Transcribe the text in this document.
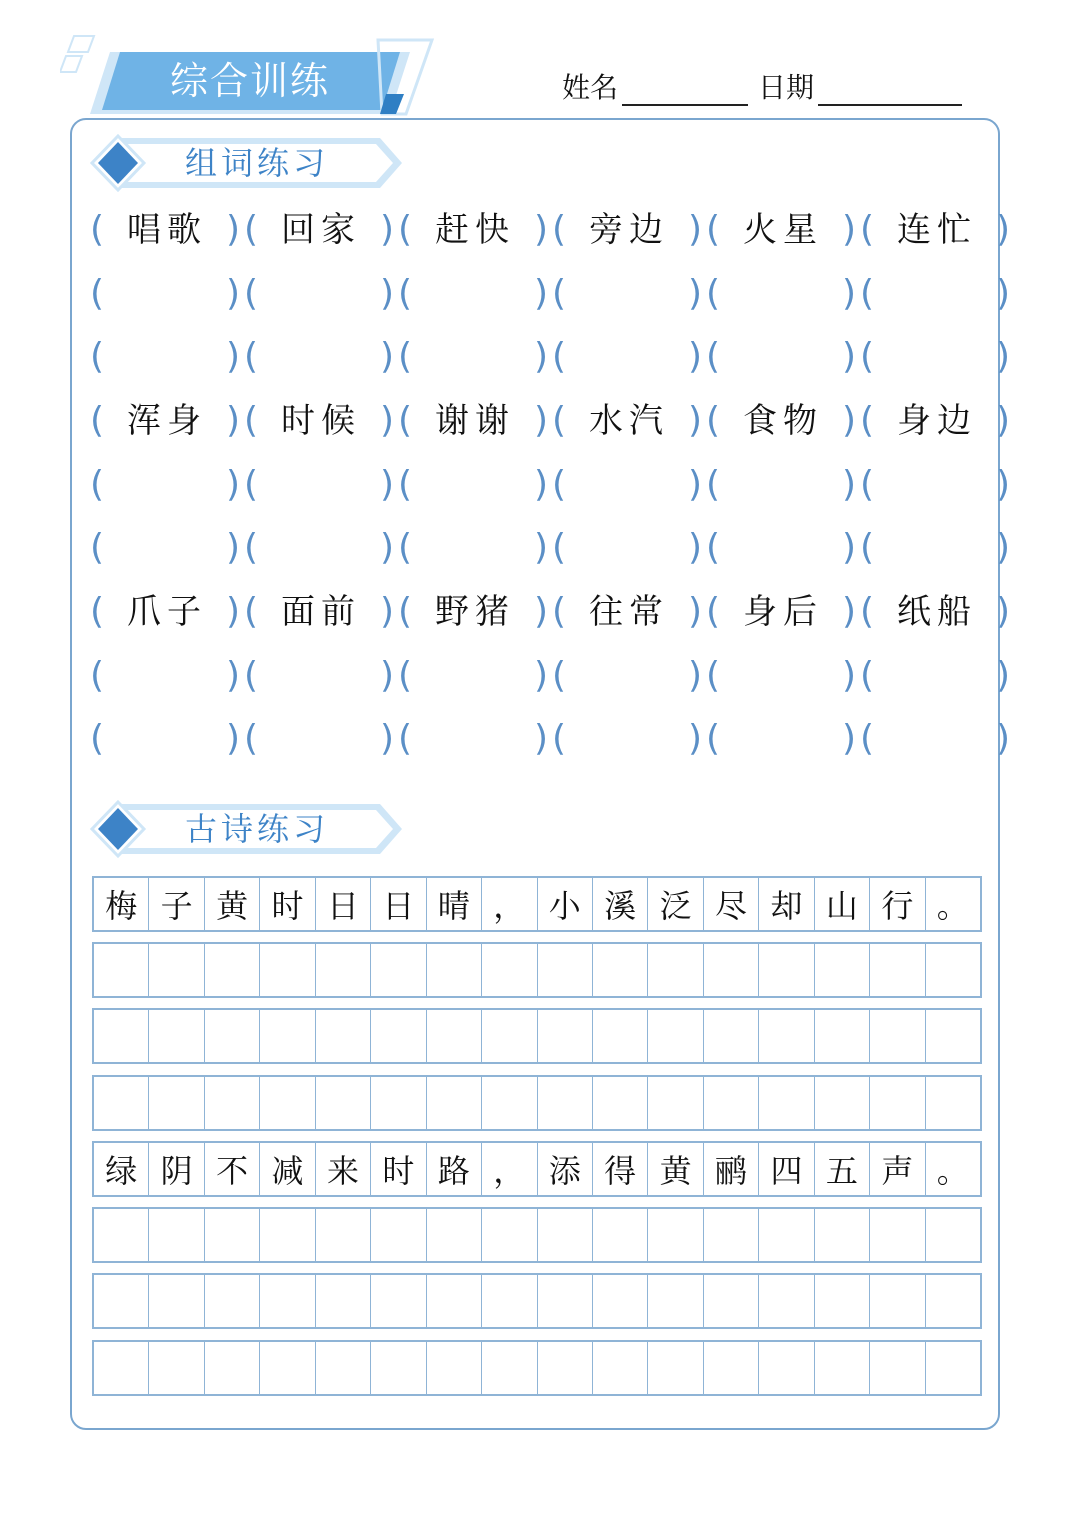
综合训练	姓名	日期
组词练习
( 唱歌 ) ( 回家 ) ( 赶快 ) ( 旁边 ) ( 火星 ) ( 连忙 )
(	) (	) (	) (	) (	) (	)
(	) (	) (	) (	) (	) (	)
( 浑身 ) ( 时候 ) ( 谢谢 ) ( 水汽 ) ( 食物 ) ( 身边 )
(	) (	) (	) (	) (	) (	)
(	) (	) (	) (	) (	) (	)
( 爪子 ) ( 面前 ) ( 野猪 ) ( 往常 ) ( 身后 ) ( 纸船 )
(	) (	) (	) (	) (	) (	)
(	) (	) (	) (	) (	) (	)
古诗练习
梅 子 黄 时 日 日 晴 ， 小 溪 泛 尽 却 山 行 。
绿 阴 不 减 来 时 路 ， 添 得 黄 鹂 四 五 声 。
